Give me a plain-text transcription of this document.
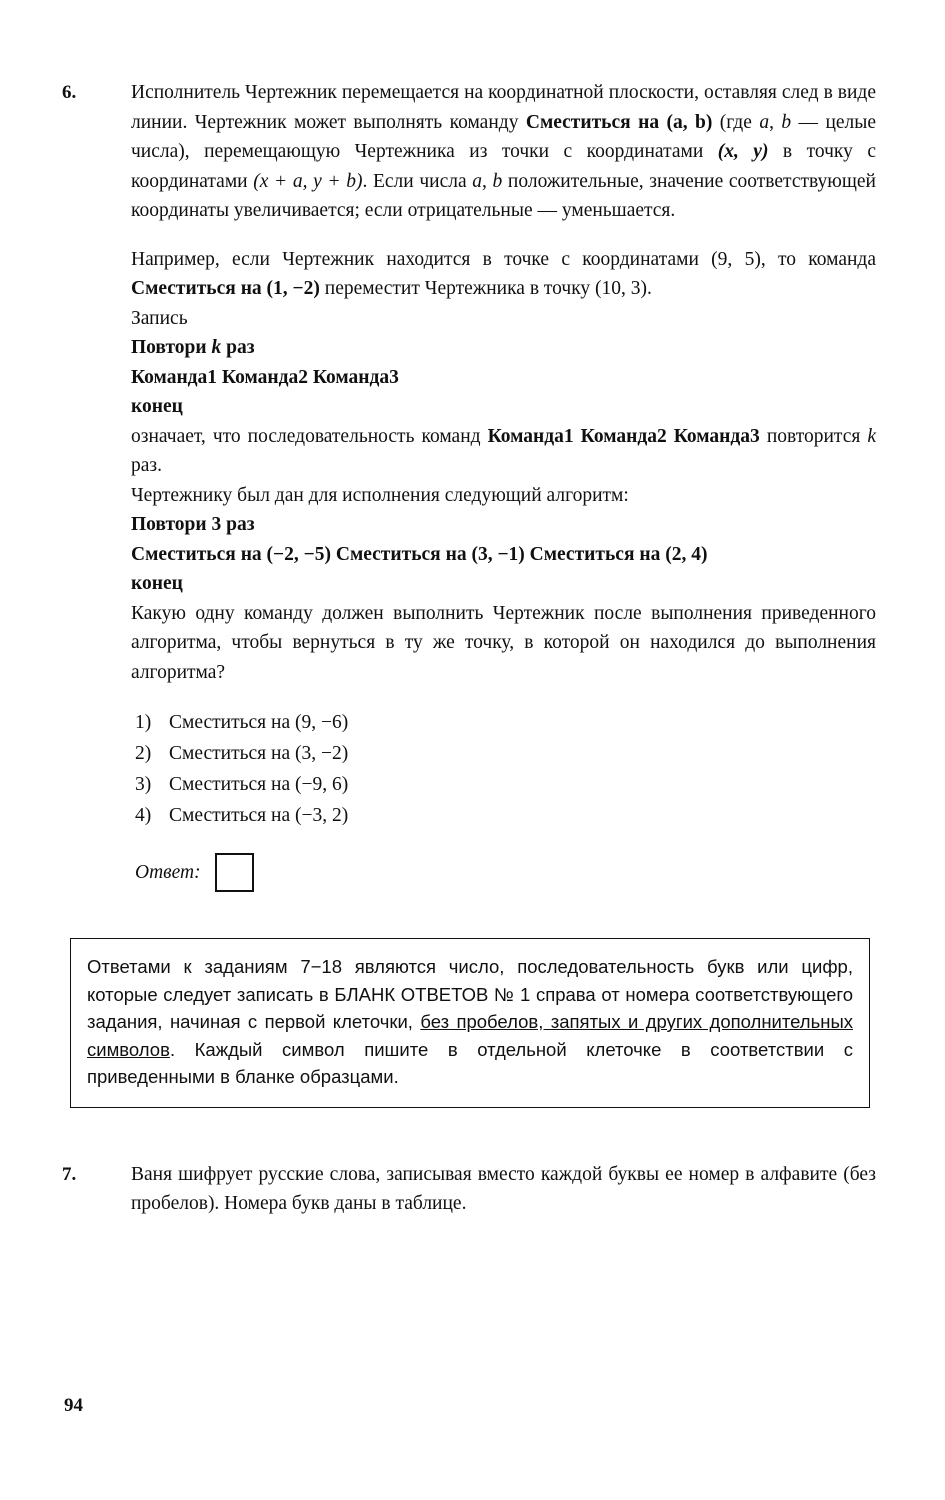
6.	Исполнитель Чертежник перемещается на координатной плоскости, оставляя след в виде линии. Чертежник может выполнять команду Сместиться на (a, b) (где a, b — целые числа), перемещающую Чертежника из точки с координатами (x, y) в точку с координатами (x + a, y + b). Если числа a, b положительные, значение соответствующей координаты увеличивается; если отрицательные — уменьшается.

Например, если Чертежник находится в точке с координатами (9, 5), то команда Сместиться на (1, −2) переместит Чертежника в точку (10, 3).

Запись

Повтори k раз

Команда1 Команда2 Команда3

конец

означает, что последовательность команд Команда1 Команда2 Команда3 повторится k раз.

Чертежнику был дан для исполнения следующий алгоритм:

Повтори 3 раз

Сместиться на (−2, −5) Сместиться на (3, −1) Сместиться на (2, 4)

конец

Какую одну команду должен выполнить Чертежник после выполнения приведенного алгоритма, чтобы вернуться в ту же точку, в которой он находился до выполнения алгоритма?

1) Сместиться на (9, −6)
2) Сместиться на (3, −2)
3) Сместиться на (−9, 6)
4) Сместиться на (−3, 2)
Ответ:

Ответами к заданиям 7−18 являются число, последовательность букв или цифр, которые следует записать в БЛАНК ОТВЕТОВ № 1 справа от номера соответствующего задания, начиная с первой клеточки, без пробелов, запятых и других дополнительных символов. Каждый символ пишите в отдельной клеточке в соответствии с приведенными в бланке образцами.

7.	Ваня шифрует русские слова, записывая вместо каждой буквы ее номер в алфавите (без пробелов). Номера букв даны в таблице.

94
